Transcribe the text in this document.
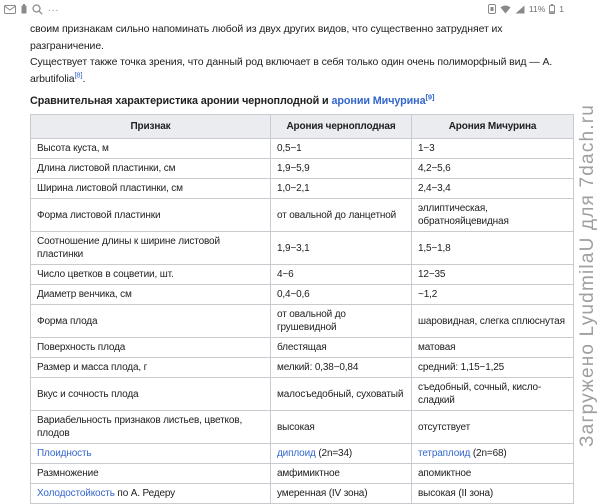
...	11% 1

своим признакам сильно напоминать любой из двух других видов, что существенно затрудняет их разграничение.

Существует также точка зрения, что данный род включает в себя только один очень полиморфный вид — A. arbutifolia[8].

Сравнительная характеристика аронии черноплодной и аронии Мичурина[9]

Признак	Арония черноплодная	Арония Мичурина
Высота куста, м	0,5−1	1−3
Длина листовой пластинки, см	1,9−5,9	4,2−5,6
Ширина листовой пластинки, см	1,0−2,1	2,4−3,4
Форма листовой пластинки	от овальной до ланцетной	эллиптическая, обратнояйцевидная
Соотношение длины к ширине листовой пластинки	1,9−3,1	1,5−1,8
Число цветков в соцветии, шт.	4−6	12−35
Диаметр венчика, см	0,4−0,6	~1,2
Форма плода	от овальной до грушевидной	шаровидная, слегка сплюснутая
Поверхность плода	блестящая	матовая
Размер и масса плода, г	мелкий: 0,38−0,84	средний: 1,15−1,25
Вкус и сочность плода	малосъедобный, суховатый	съедобный, сочный, кисло-сладкий
Вариабельность признаков листьев, цветков, плодов	высокая	отсутствует
Плоидность	диплоид (2n=34)	тетраплоид (2n=68)
Размножение	амфимиктное	апомиктное
Холодостойкость по А. Редеру	умеренная (IV зона)	высокая (II зона)
Загружено LyudmilaU для 7dach.ru
